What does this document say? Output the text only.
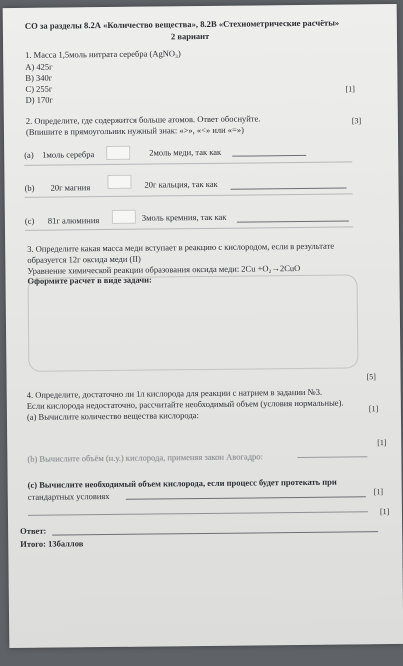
СО за разделы 8.2А «Количество вещества», 8.2В «Стехиометрические расчёты»
2 вариант
1. Масса 1,5моль нитрата серебра (AgNO₃)
А) 425г
В) 340г
С) 255г
D) 170г
[1]
2. Определите, где содержится больше атомов. Ответ обоснуйте.
(Впишите в прямоугольник нужный знак: «>», «<» или «=»)
[3]
(a) 1моль серебра	2моль меди, так как
(b) 20г магния	20г кальция, так как
(c) 81г алюминия	3моль кремния, так как
3. Определите какая масса меди вступает в реакцию с кислородом, если в результате
образуется 12г оксида меди (II)
Уравнение химической реакции образования оксида меди: 2Cu +O₂→2CuO
Оформите расчет в виде задачи:
[5]
4. Определите, достаточно ли 1л кислорода для реакции с натрием в задании №3.
Если кислорода недостаточно, рассчитайте необходимый объем (условия нормальные).
(а) Вычислите количество вещества кислорода:
[1]
(b) Вычислите объём (н.у.) кислорода, применяя закон Авогадро:
[1]
(c) Вычислите необходимый объем кислорода, если процесс будет протекать при
стандартных условиях	[1]
[1]
Ответ:
Итого: 13баллов
